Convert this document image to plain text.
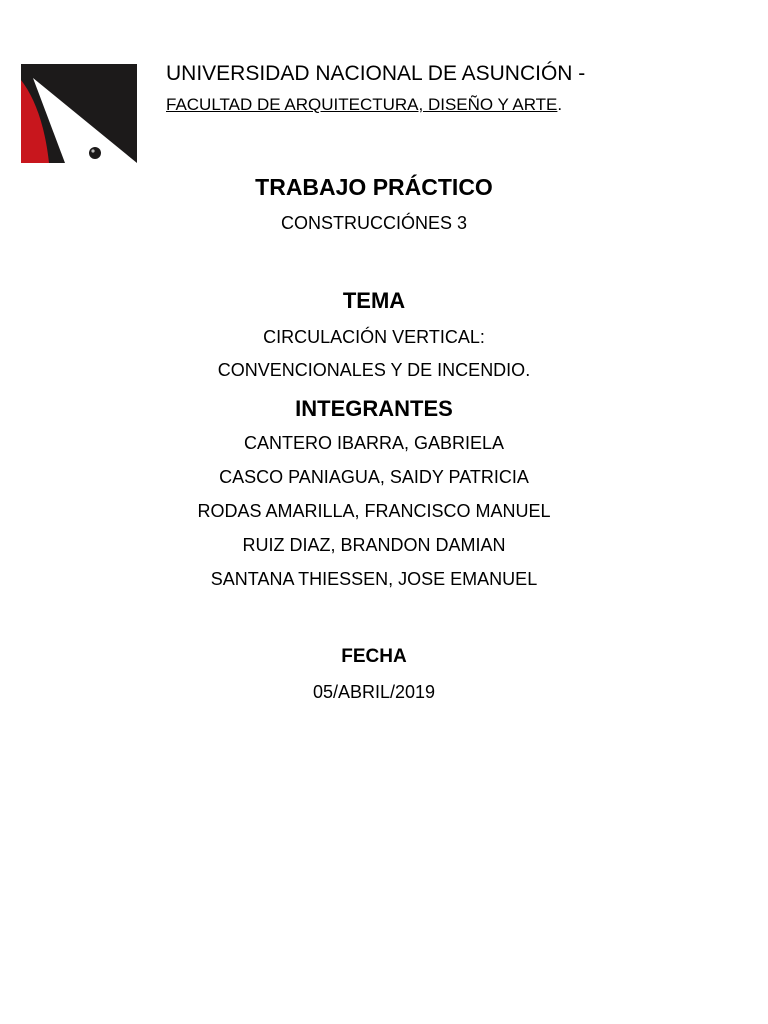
UNIVERSIDAD NACIONAL DE ASUNCIÓN -
FACULTAD DE ARQUITECTURA, DISEÑO Y ARTE.
TRABAJO PRÁCTICO
CONSTRUCCIÓNES 3
TEMA
CIRCULACIÓN VERTICAL:
CONVENCIONALES Y DE INCENDIO.
INTEGRANTES
CANTERO IBARRA, GABRIELA
CASCO PANIAGUA, SAIDY PATRICIA
RODAS AMARILLA, FRANCISCO MANUEL
RUIZ DIAZ, BRANDON DAMIAN
SANTANA THIESSEN, JOSE EMANUEL
FECHA
05/ABRIL/2019
